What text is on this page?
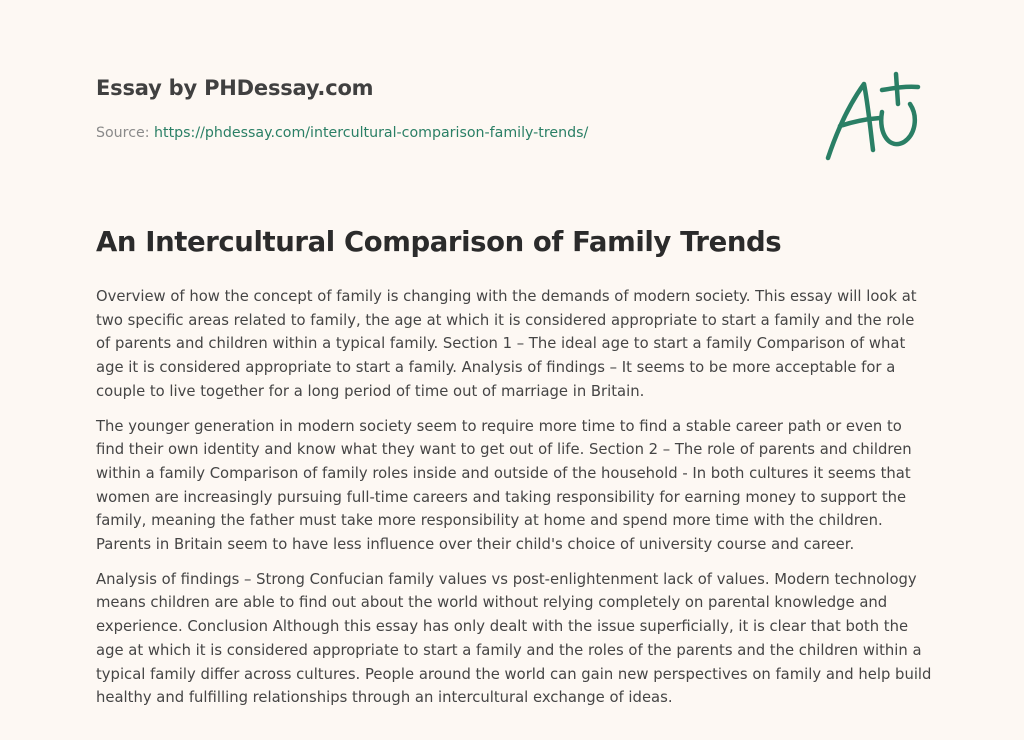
Essay by PHDessay.com
Source: https://phdessay.com/intercultural-comparison-family-trends/
An Intercultural Comparison of Family Trends

Overview of how the concept of family is changing with the demands of modern society. This essay will look at two specific areas related to family, the age at which it is considered appropriate to start a family and the role of parents and children within a typical family. Section 1 – The ideal age to start a family Comparison of what age it is considered appropriate to start a family. Analysis of findings – It seems to be more acceptable for a couple to live together for a long period of time out of marriage in Britain.

The younger generation in modern society seem to require more time to find a stable career path or even to find their own identity and know what they want to get out of life. Section 2 – The role of parents and children within a family Comparison of family roles inside and outside of the household - In both cultures it seems that women are increasingly pursuing full-time careers and taking responsibility for earning money to support the family, meaning the father must take more responsibility at home and spend more time with the children. Parents in Britain seem to have less influence over their child's choice of university course and career.

Analysis of findings – Strong Confucian family values vs post-enlightenment lack of values. Modern technology means children are able to find out about the world without relying completely on parental knowledge and experience. Conclusion Although this essay has only dealt with the issue superficially, it is clear that both the age at which it is considered appropriate to start a family and the roles of the parents and the children within a typical family differ across cultures. People around the world can gain new perspectives on family and help build healthy and fulfilling relationships through an intercultural exchange of ideas.
